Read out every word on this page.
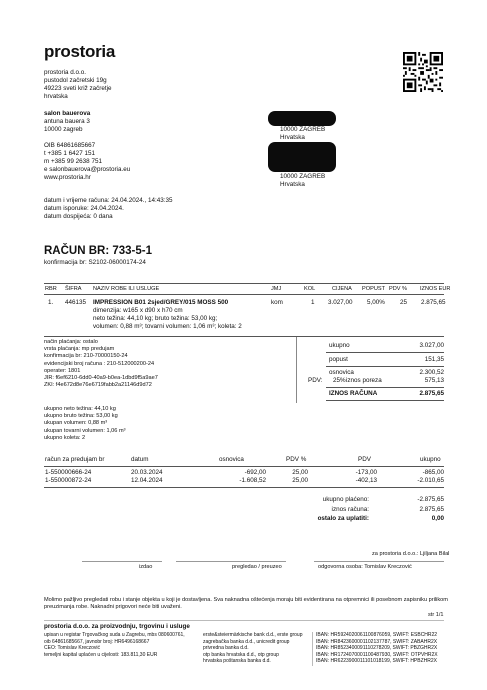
prostoria
prostoria d.o.o.
pustodol začretski 19g
49223 sveti križ začretje
hrvatska
salon bauerova
antuna bauera 3
10000 zagreb
OIB 64861685667
t +385 1 6427 151
m +385 99 2638 751
e salonbauerova@prostoria.eu
www.prostoria.hr
10000 ZAGREB
Hrvatska
10000 ZAGREB
Hrvatska
datum i vrijeme računa: 24.04.2024., 14:43:35
datum isporuke: 24.04.2024.
datum dospijeća: 0 dana
RAČUN BR: 733-5-1
konfirmacija br: S2102-06000174-24
RBR ŠIFRA NAZIV ROBE ILI USLUGE	JMJ	KOL	CIJENA POPUST PDV % IZNOS EUR
1. 446135 IMPRESSION B01 2sjed/GREY/015 MOSS 500
dimenzija: w165 x d90 x h70 cm
neto težina: 44,10 kg; bruto težina: 53,00 kg;
volumen: 0,88 m³; tovarni volumen: 1,06 m³; koleta: 2
kom	1 3.027,00 5,00% 25 2.875,65
način plaćanja: ostalo
vrsta plaćanja: mp predujam
konfirmacija br: 210-70000150-24
evidencijski broj računa : 210-512000200-24
operater: 1801
JIR: f6ef6210-6dd0-40a9-b0ea-1dbd9f5a9ae7
ZKI: f4e672d8e76e6719fabb2a21146d9d72
ukupno	3.027,00
popust	151,35
osnovica	2.300,52
PDV: 25% iznos poreza	575,13
IZNOS RAČUNA	2.875,65
ukupno neto težina: 44,10 kg
ukupno bruto težina: 53,00 kg
ukupan volumen: 0,88 m³
ukupan tovarni volumen: 1,06 m³
ukupno koleta: 2
račun za predujam br	datum	osnovica	PDV %	PDV	ukupno
1-550000666-24	20.03.2024	-692,00	25,00	-173,00	-865,00
1-550000872-24	12.04.2024	-1.608,52	25,00	-402,13	-2.010,65
ukupno plaćeno:	-2.875,65
iznos računa:	2.875,65
ostalo za uplatiti:	0,00
za prostoria d.o.o.: Ljiljana Bilal
izdao	pregledao / preuzeo	odgovorna osoba: Tomislav Kreczović
Molimo pažljivo pregledati robu i stanje objekta u koji je dostavljena. Sva naknadna oštećenja moraju biti evidentirana na otpremnici ili posebnom zapisniku prilikom
preuzimanja robe. Naknadni prigovori neće biti uvaženi.
str 1/1
prostoria d.o.o. za proizvodnju, trgovinu i usluge
upisan u registar Trgovačkog suda u Zagrebu, mbs 080600761,
oib 64861685667, javnobr broj: HR6496168667
CEO: Tomislav Kreczović
temeljni kapital uplaćen u cijelosti: 183.811,30 EUR
erste&steiermärkische bank d.d., erste group
zagrebačka banka d.d., unicredit group
privredna banka d.d.
otp banka hrvatska d.d., otp group
hrvatska poštanska banka d.d.
IBAN: HR5924020061100876059, SWIFT: ESBCHR22
IBAN: HR8423600001102137787, SWIFT: ZABAHR2X
IBAN: HR8523400091110278209, SWIFT: PBZGHR2X
IBAN: HR1724070001100487930, SWIFT: OTPVHR2X
IBAN: HR6223900011101018199, SWIFT: HPBZHR2X
